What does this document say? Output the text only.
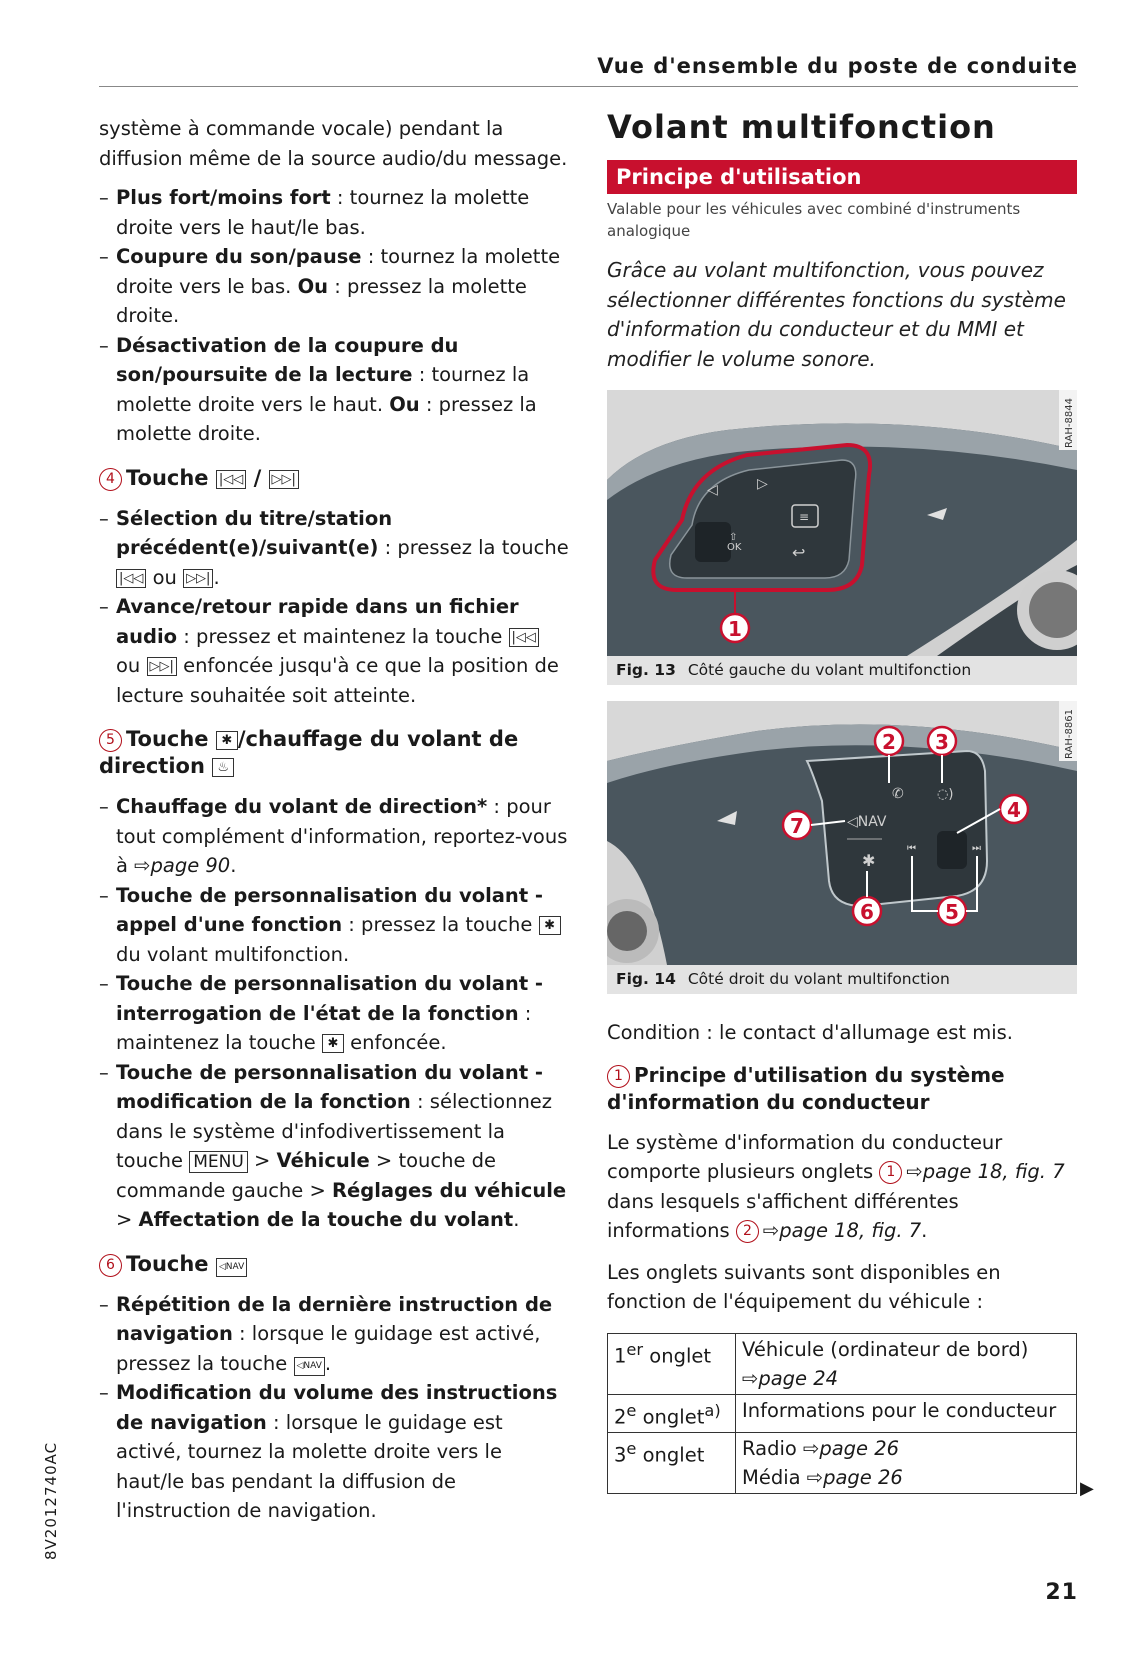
Vue d'ensemble du poste de conduite
8V2012740AC

système à commande vocale) pendant la diffusion même de la source audio/du message.

– Plus fort/moins fort : tournez la molette droite vers le haut/le bas.

– Coupure du son/pause : tournez la molette droite vers le bas. Ou : pressez la molette droite.

– Désactivation de la coupure du son/poursuite de la lecture : tournez la molette droite vers le haut. Ou : pressez la molette droite.

4 Touche |◁◁ / ▷▷|

– Sélection du titre/station précédent(e)/suivant(e) : pressez la touche |◁◁ ou ▷▷| .

– Avance/retour rapide dans un fichier audio : pressez et maintenez la touche |◁◁ ou ▷▷| enfoncée jusqu'à ce que la position de lecture souhaitée soit atteinte.

5 Touche ✱ /chauffage du volant de direction ♨

– Chauffage du volant de direction* : pour tout complément d'information, reportez-vous à ⇨page 90.

– Touche de personnalisation du volant - appel d'une fonction : pressez la touche ✱ du volant multifonction.

– Touche de personnalisation du volant - interrogation de l'état de la fonction : maintenez la touche ✱ enfoncée.

– Touche de personnalisation du volant - modification de la fonction : sélectionnez dans le système d'infodivertissement la touche MENU > Véhicule > touche de commande gauche > Réglages du véhicule > Affectation de la touche du volant.

6 Touche ◁NAV

– Répétition de la dernière instruction de navigation : lorsque le guidage est activé, pressez la touche ◁NAV .

– Modification du volume des instructions de navigation : lorsque le guidage est activé, tournez la molette droite vers le haut/le bas pendant la diffusion de l'instruction de navigation.

Volant multifonction
Principe d'utilisation
Valable pour les véhicules avec combiné d'instruments analogique

Grâce au volant multifonction, vous pouvez sélectionner différentes fonctions du système d'information du conducteur et du MMI et modifier le volume sonore.

◁	▷
⇧
OK
≡
↩
1
RAH-8844
Fig. 13 Côté gauche du volant multifonction
✆	◌)
◁NAV
✱
⏮	⏭
2 3
4
7
6	5
RAH-8861
Fig. 14 Côté droit du volant multifonction

Condition : le contact d'allumage est mis.

1 Principe d'utilisation du système d'information du conducteur

Le système d'information du conducteur comporte plusieurs onglets 1 ⇨page 18, fig. 7 dans lesquels s'affichent différentes informations 2 ⇨page 18, fig. 7.

Les onglets suivants sont disponibles en fonction de l'équipement du véhicule :

1er onglet	Véhicule (ordinateur de bord)
⇨page 24
2e onglet$^{a)}$	Informations pour le conducteur
3e onglet	Radio ⇨page 26
Média ⇨page 26	▶
21
